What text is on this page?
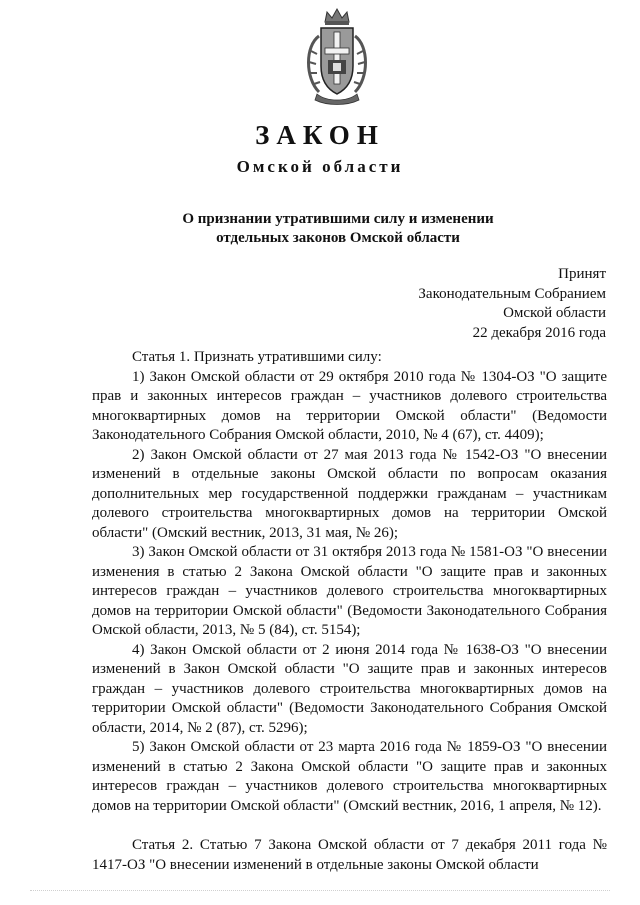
ЗАКОН
Омской области
О признании утратившими силу и изменении
отдельных законов Омской области
Принят
Законодательным Собранием
Омской области
22 декабря 2016 года

Статья 1. Признать утратившими силу:

1) Закон Омской области от 29 октября 2010 года № 1304-ОЗ "О защите прав и законных интересов граждан – участников долевого строительства многоквартирных домов на территории Омской области" (Ведомости Законодательного Собрания Омской области, 2010, № 4 (67), ст. 4409);

2) Закон Омской области от 27 мая 2013 года № 1542-ОЗ "О внесении изменений в отдельные законы Омской области по вопросам оказания дополнительных мер государственной поддержки гражданам – участникам долевого строительства многоквартирных домов на территории Омской области" (Омский вестник, 2013, 31 мая, № 26);

3) Закон Омской области от 31 октября 2013 года № 1581-ОЗ "О внесении изменения в статью 2 Закона Омской области "О защите прав и законных интересов граждан – участников долевого строительства многоквартирных домов на территории Омской области" (Ведомости Законодательного Собрания Омской области, 2013, № 5 (84), ст. 5154);

4) Закон Омской области от 2 июня 2014 года № 1638-ОЗ "О внесении изменений в Закон Омской области "О защите прав и законных интересов граждан – участников долевого строительства многоквартирных домов на территории Омской области" (Ведомости Законодательного Собрания Омской области, 2014, № 2 (87), ст. 5296);

5) Закон Омской области от 23 марта 2016 года № 1859-ОЗ "О внесении изменений в статью 2 Закона Омской области "О защите прав и законных интересов граждан – участников долевого строительства многоквартирных домов на территории Омской области" (Омский вестник, 2016, 1 апреля, № 12).

Статья 2. Статью 7 Закона Омской области от 7 декабря 2011 года № 1417-ОЗ "О внесении изменений в отдельные законы Омской области
